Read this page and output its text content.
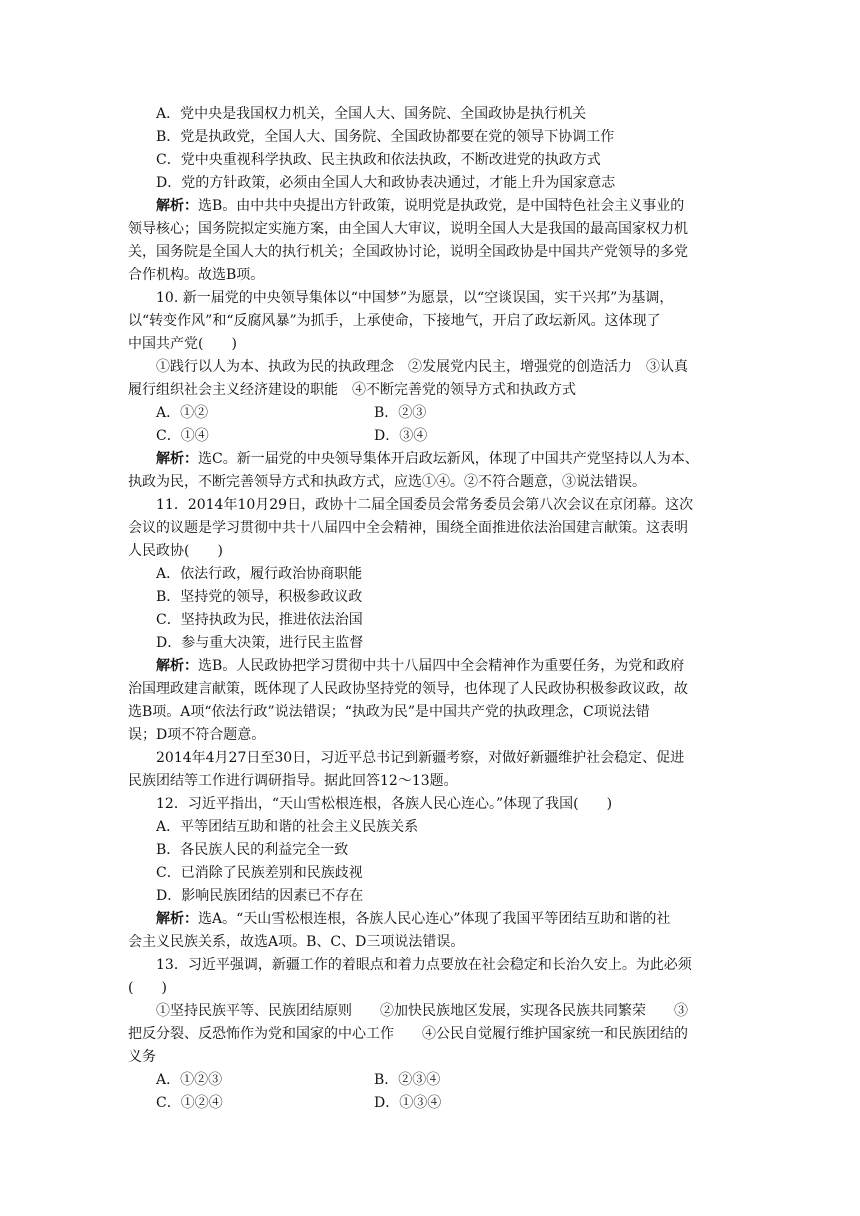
A．党中央是我国权力机关，全国人大、国务院、全国政协是执行机关
B．党是执政党，全国人大、国务院、全国政协都要在党的领导下协调工作
C．党中央重视科学执政、民主执政和依法执政，不断改进党的执政方式
D．党的方针政策，必须由全国人大和政协表决通过，才能上升为国家意志
解析：选B。由中共中央提出方针政策，说明党是执政党，是中国特色社会主义事业的
领导核心；国务院拟定实施方案，由全国人大审议，说明全国人大是我国的最高国家权力机
关，国务院是全国人大的执行机关；全国政协讨论，说明全国政协是中国共产党领导的多党
合作机构。故选B项。
10. 新一届党的中央领导集体以“中国梦”为愿景，以“空谈误国，实干兴邦”为基调，
以“转变作风”和“反腐风暴”为抓手，上承使命，下接地气，开启了政坛新风。这体现了
中国共产党(　　)
①践行以人为本、执政为民的执政理念　②发展党内民主，增强党的创造活力　③认真
履行组织社会主义经济建设的职能　④不断完善党的领导方式和执政方式
A．①②	B．②③
C．①④	D．③④
解析：选C。新一届党的中央领导集体开启政坛新风，体现了中国共产党坚持以人为本、
执政为民，不断完善领导方式和执政方式，应选①④。②不符合题意，③说法错误。
11．2014年10月29日，政协十二届全国委员会常务委员会第八次会议在京闭幕。这次
会议的议题是学习贯彻中共十八届四中全会精神，围绕全面推进依法治国建言献策。这表明
人民政协(　　)
A．依法行政，履行政治协商职能
B．坚持党的领导，积极参政议政
C．坚持执政为民，推进依法治国
D．参与重大决策，进行民主监督
解析：选B。人民政协把学习贯彻中共十八届四中全会精神作为重要任务，为党和政府
治国理政建言献策，既体现了人民政协坚持党的领导，也体现了人民政协积极参政议政，故
选B项。A项“依法行政”说法错误；“执政为民”是中国共产党的执政理念，C项说法错
误；D项不符合题意。
2014年4月27日至30日，习近平总书记到新疆考察，对做好新疆维护社会稳定、促进
民族团结等工作进行调研指导。据此回答12～13题。
12．习近平指出，“天山雪松根连根，各族人民心连心。”体现了我国(　　)
A．平等团结互助和谐的社会主义民族关系
B．各民族人民的利益完全一致
C．已消除了民族差别和民族歧视
D．影响民族团结的因素已不存在
解析：选A。“天山雪松根连根，各族人民心连心”体现了我国平等团结互助和谐的社
会主义民族关系，故选A项。B、C、D三项说法错误。
13．习近平强调，新疆工作的着眼点和着力点要放在社会稳定和长治久安上。为此必须
(　　)
①坚持民族平等、民族团结原则　　②加快民族地区发展，实现各民族共同繁荣　　③
把反分裂、反恐怖作为党和国家的中心工作　　④公民自觉履行维护国家统一和民族团结的
义务
A．①②③	B．②③④
C．①②④	D．①③④
